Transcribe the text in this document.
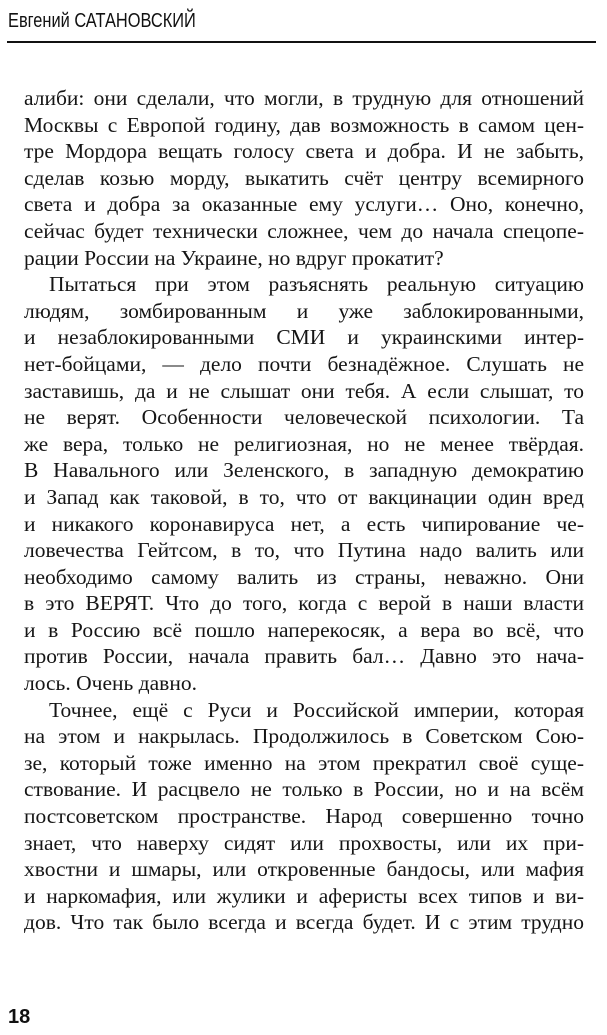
Евгений САТАНОВСКИЙ
алиби: они сделали, что могли, в трудную для отношений
Москвы с Европой годину, дав возможность в самом цен-
тре Мордора вещать голосу света и добра. И не забыть,
сделав козью морду, выкатить счёт центру всемирного
света и добра за оказанные ему услуги… Оно, конечно,
сейчас будет технически сложнее, чем до начала спецопе-
рации России на Украине, но вдруг прокатит?
Пытаться при этом разъяснять реальную ситуацию
людям, зомбированным и уже заблокированными,
и незаблокированными СМИ и украинскими интер-
нет-бойцами, — дело почти безнадёжное. Слушать не
заставишь, да и не слышат они тебя. А если слышат, то
не верят. Особенности человеческой психологии. Та
же вера, только не религиозная, но не менее твёрдая.
В Навального или Зеленского, в западную демократию
и Запад как таковой, в то, что от вакцинации один вред
и никакого коронавируса нет, а есть чипирование че-
ловечества Гейтсом, в то, что Путина надо валить или
необходимо самому валить из страны, неважно. Они
в это ВЕРЯТ. Что до того, когда с верой в наши власти
и в Россию всё пошло наперекосяк, а вера во всё, что
против России, начала править бал… Давно это нача-
лось. Очень давно.
Точнее, ещё с Руси и Российской империи, которая
на этом и накрылась. Продолжилось в Советском Сою-
зе, который тоже именно на этом прекратил своё суще-
ствование. И расцвело не только в России, но и на всём
постсоветском пространстве. Народ совершенно точно
знает, что наверху сидят или прохвосты, или их при-
хвостни и шмары, или откровенные бандосы, или мафия
и наркомафия, или жулики и аферисты всех типов и ви-
дов. Что так было всегда и всегда будет. И с этим трудно
18
